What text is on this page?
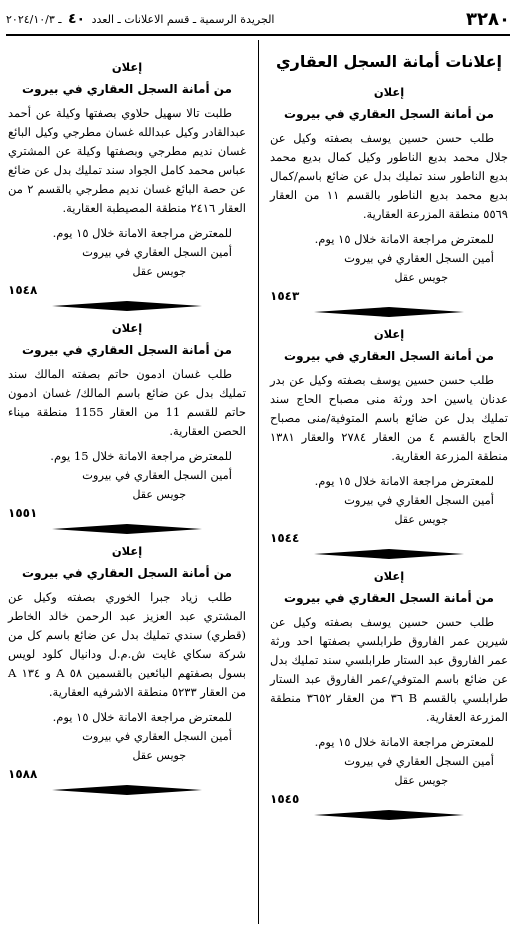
٣٢٨٠
الجريدة الرسمية ـ قسم الاعلانات ـ العدد ٤٠ ـ ٢٠٢٤/١٠/٣
إعلانات أمانة السجل العقاري
إعلان
من أمانة السجل العقاري في بيروت

طلب حسن حسين يوسف بصفته وكيل عن جلال محمد بديع الناطور وكيل كمال بديع محمد بديع الناطور سند تمليك بدل عن ضائع باسم/كمال بديع محمد بديع الناطور بالقسم ١١ من العقار ٥٥٦٩ منطقة المزرعة العقارية.

للمعترض مراجعة الامانة خلال ١٥ يوم.

أمين السجل العقاري في بيروت

جويس عقل

١٥٤٣
إعلان
من أمانة السجل العقاري في بيروت

طلب حسن حسين يوسف بصفته وكيل عن بدر عدنان ياسين احد ورثة منى مصباح الحاج سند تمليك بدل عن ضائع باسم المتوفية/منى مصباح الحاج بالقسم ٤ من العقار ٢٧٨٤ والعقار ١٣٨١ منطقة المزرعة العقارية.

للمعترض مراجعة الامانة خلال ١٥ يوم.

أمين السجل العقاري في بيروت

جويس عقل

١٥٤٤
إعلان
من أمانة السجل العقاري في بيروت

طلب حسن حسين يوسف بصفته وكيل عن شيرين عمر الفاروق طرابلسي بصفتها احد ورثة عمر الفاروق عبد الستار طرابلسي سند تمليك بدل عن ضائع باسم المتوفي/عمر الفاروق عبد الستار طرابلسي بالقسم B ٣٦ من العقار ٣٦٥٢ منطقة المزرعة العقارية.

للمعترض مراجعة الامانة خلال ١٥ يوم.

أمين السجل العقاري في بيروت

جويس عقل

١٥٤٥
إعلان
من أمانة السجل العقاري في بيروت

طلبت تالا سهيل حلاوي بصفتها وكيلة عن أحمد عبدالقادر وكيل عبدالله غسان مطرجي وكيل البائع غسان نديم مطرجي وبصفتها وكيلة عن المشتري عباس محمد كامل الجواد سند تمليك بدل عن ضائع عن حصة البائع غسان نديم مطرجي بالقسم ٢ من العقار ٢٤١٦ منطقة المصيطبة العقارية.

للمعترض مراجعة الامانة خلال ١٥ يوم.

أمين السجل العقاري في بيروت

جويس عقل

١٥٤٨
إعلان
من أمانة السجل العقاري في بيروت

طلب غسان ادمون حاتم بصفته المالك سند تمليك بدل عن ضائع باسم المالك/ غسان ادمون حاتم للقسم 11 من العقار 1155 منطقة ميناء الحصن العقارية.

للمعترض مراجعة الامانة خلال 15 يوم.

أمين السجل العقاري في بيروت

جويس عقل

١٥٥١
إعلان
من أمانة السجل العقاري في بيروت

طلب زياد جبرا الخوري بصفته وكيل عن المشتري عبد العزيز عبد الرحمن خالد الخاطر (قطري) سندي تمليك بدل عن ضائع باسم كل من شركة سكاي غايت ش.م.ل ودانيال كلود لويس بسول بصفتهم البائعين بالقسمين ٥٨ A و ١٣٤ A من العقار ٥٢٣٣ منطقة الاشرفيه العقارية.

للمعترض مراجعة الامانة خلال ١٥ يوم.

أمين السجل العقاري في بيروت

جويس عقل

١٥٨٨
